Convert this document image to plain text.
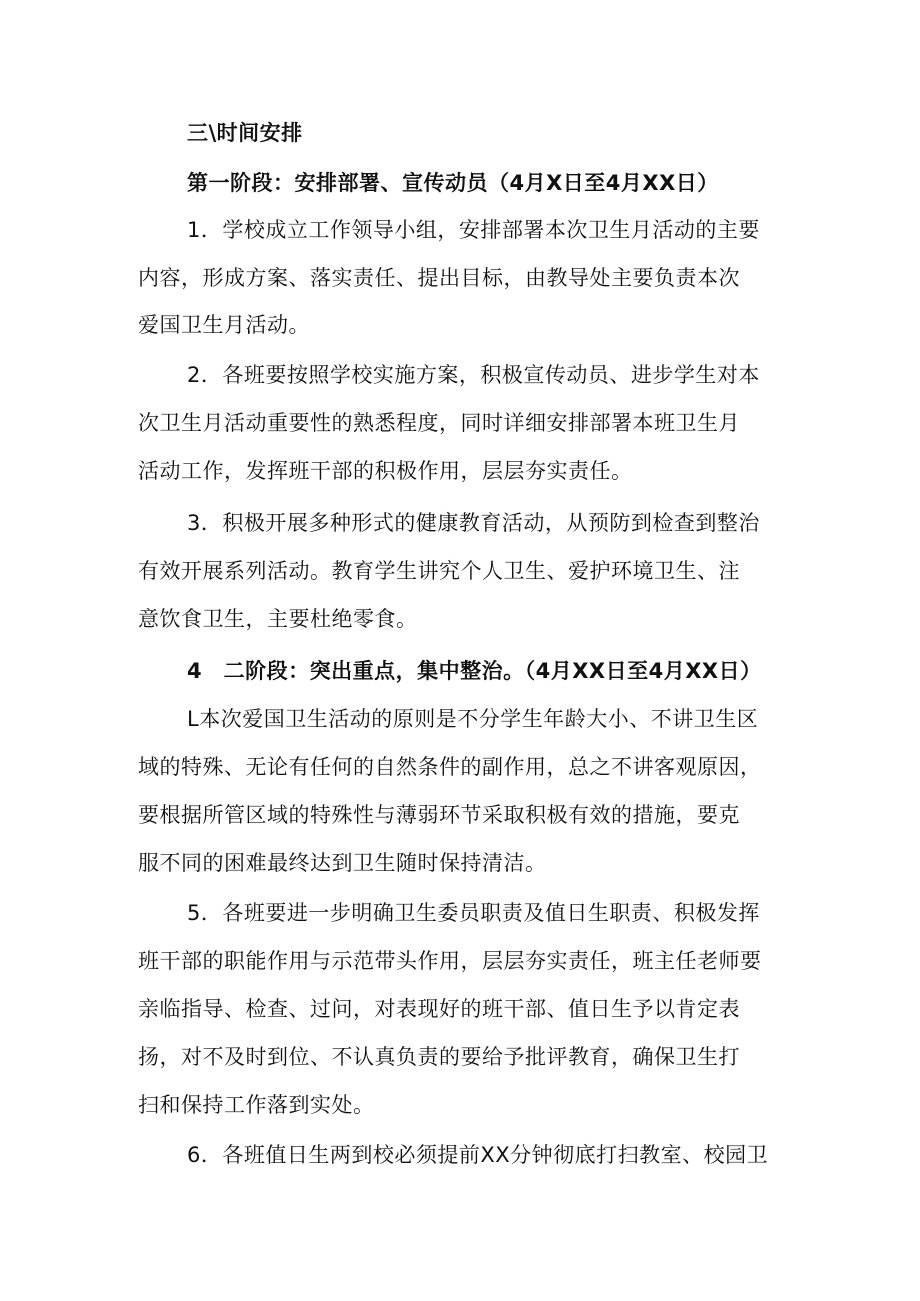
三\时间安排
第一阶段：安排部署、宣传动员（4月X日至4月XX日）
1．学校成立工作领导小组，安排部署本次卫生月活动的主要
内容，形成方案、落实责任、提出目标，由教导处主要负责本次
爱国卫生月活动。
2．各班要按照学校实施方案，积极宣传动员、进步学生对本
次卫生月活动重要性的熟悉程度，同时详细安排部署本班卫生月
活动工作，发挥班干部的积极作用，层层夯实责任。
3．积极开展多种形式的健康教育活动，从预防到检查到整治
有效开展系列活动。教育学生讲究个人卫生、爱护环境卫生、注
意饮食卫生，主要杜绝零食。
4　二阶段：突出重点，集中整治。（4月XX日至4月XX日）
L本次爱国卫生活动的原则是不分学生年龄大小、不讲卫生区
域的特殊、无论有任何的自然条件的副作用，总之不讲客观原因，
要根据所管区域的特殊性与薄弱环节采取积极有效的措施，要克
服不同的困难最终达到卫生随时保持清洁。
5．各班要进一步明确卫生委员职责及值日生职责、积极发挥
班干部的职能作用与示范带头作用，层层夯实责任，班主任老师要
亲临指导、检查、过问，对表现好的班干部、值日生予以肯定表
扬，对不及时到位、不认真负责的要给予批评教育，确保卫生打
扫和保持工作落到实处。
6．各班值日生两到校必须提前XX分钟彻底打扫教室、校园卫
